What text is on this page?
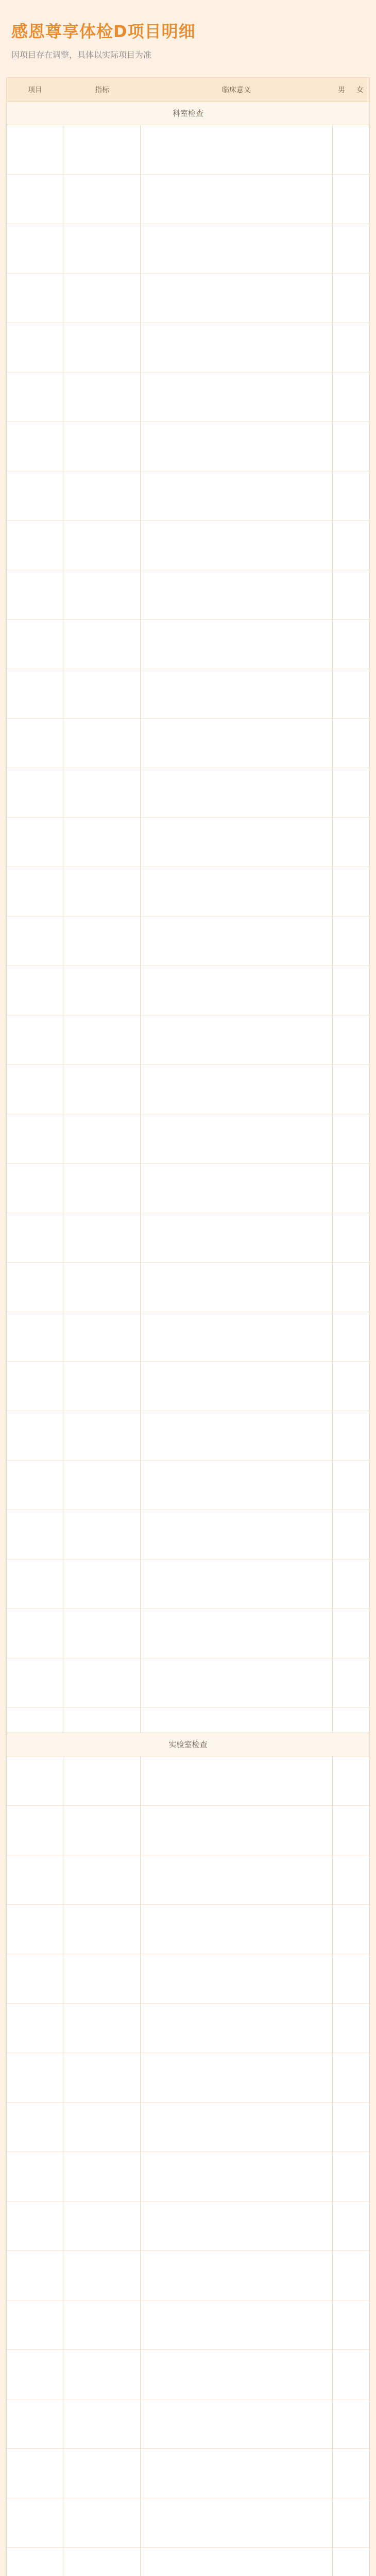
感恩尊享体检D项目明细
因项目存在调整，具体以实际项目为准
项目	指标	临床意义	男	女
科室检查
实验室检查
